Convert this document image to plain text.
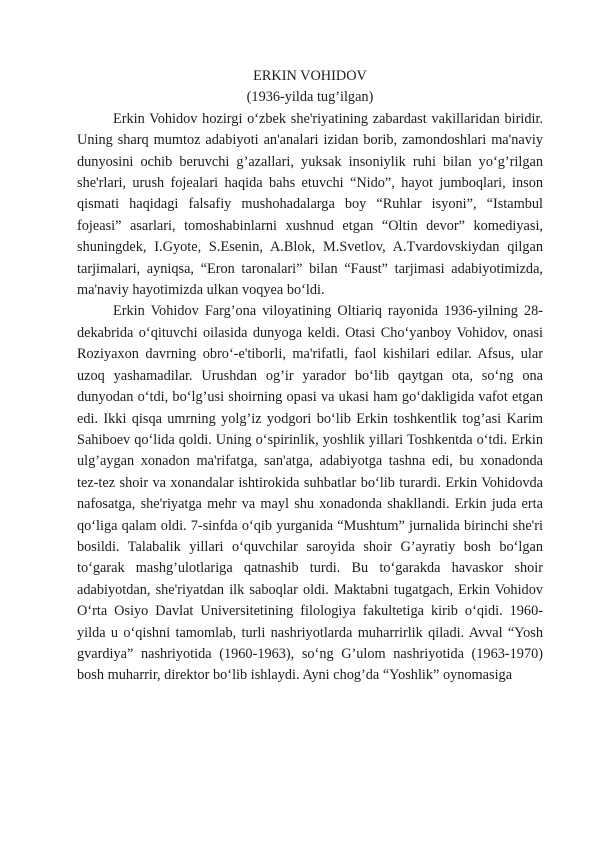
ERKIN VOHIDOV

(1936-yilda tug’ilgan)

Erkin Vohidov hozirgi o‘zbek she'riyatining zabardast vakillaridan biridir. Uning sharq mumtoz adabiyoti an'analari izidan borib, zamondoshlari ma'naviy dunyosini ochib beruvchi g’azallari, yuksak insoniylik ruhi bilan yo‘g’rilgan she'rlari, urush fojealari haqida bahs etuvchi “Nido”, hayot jumboqlari, inson qismati haqidagi falsafiy mushohadalarga boy “Ruhlar isyoni”, “Istambul fojeasi” asarlari, tomoshabinlarni xushnud etgan “Oltin devor” komediyasi, shuningdek, I.Gyote, S.Esenin, A.Blok, M.Svetlov, A.Tvardovskiydan qilgan tarjimalari, ayniqsa, “Eron taronalari” bilan “Faust” tarjimasi adabiyotimizda, ma'naviy hayotimizda ulkan voqyea bo‘ldi.

Erkin Vohidov Farg’ona viloyatining Oltiariq rayonida 1936-yilning 28-dekabrida o‘qituvchi oilasida dunyoga keldi. Otasi Cho‘yanboy Vohidov, onasi Roziyaxon davrning obro‘-e'tiborli, ma'rifatli, faol kishilari edilar. Afsus, ular uzoq yashamadilar. Urushdan og’ir yarador bo‘lib qaytgan ota, so‘ng ona dunyodan o‘tdi, bo‘lg’usi shoirning opasi va ukasi ham go‘dakligida vafot etgan edi. Ikki qisqa umrning yolg’iz yodgori bo‘lib Erkin toshkentlik tog’asi Karim Sahiboev qo‘lida qoldi. Uning o‘spirinlik, yoshlik yillari Toshkentda o‘tdi. Erkin ulg’aygan xonadon ma'rifatga, san'atga, adabiyotga tashna edi, bu xonadonda tez-tez shoir va xonandalar ishtirokida suhbatlar bo‘lib turardi. Erkin Vohidovda nafosatga, she'riyatga mehr va mayl shu xonadonda shakllandi. Erkin juda erta qo‘liga qalam oldi. 7-sinfda o‘qib yurganida “Mushtum” jurnalida birinchi she'ri bosildi. Talabalik yillari o‘quvchilar saroyida shoir G’ayratiy bosh bo‘lgan to‘garak mashg’ulotlariga qatnashib turdi. Bu to‘garakda havaskor shoir adabiyotdan, she'riyatdan ilk saboqlar oldi. Maktabni tugatgach, Erkin Vohidov O‘rta Osiyo Davlat Universitetining filologiya fakultetiga kirib o‘qidi. 1960-yilda u o‘qishni tamomlab, turli nashriyotlarda muharrirlik qiladi. Avval “Yosh gvardiya” nashriyotida (1960-1963), so‘ng G’ulom nashriyotida (1963-1970) bosh muharrir, direktor bo‘lib ishlaydi. Ayni chog’da “Yoshlik” oynomasiga
